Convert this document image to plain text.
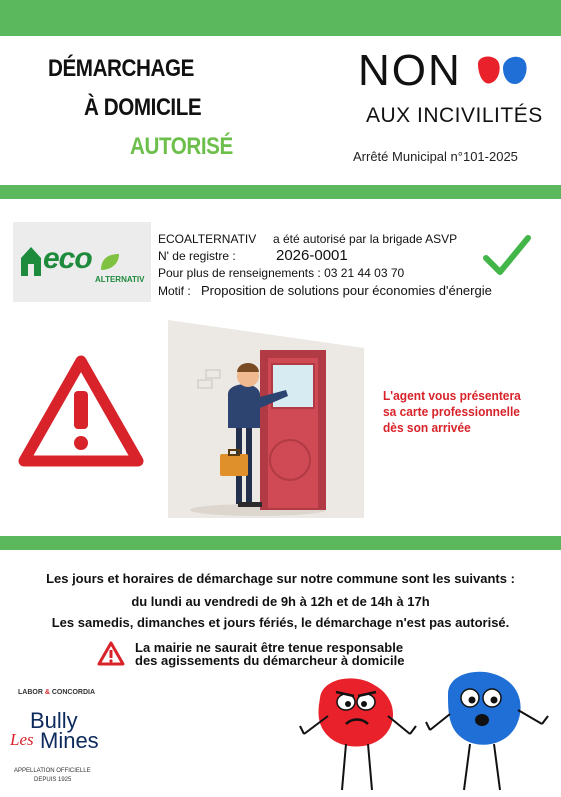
DÉMARCHAGE
À DOMICILE
AUTORISÉ
NON
AUX INCIVILITÉS
Arrêté Municipal n°101-2025
eco
ALTERNATIV
ECOALTERNATIV a été autorisé par la brigade ASVP
N' de registre :	2026-0001
Pour plus de renseignements : 03 21 44 03 70
Motif : Proposition de solutions pour économies d'énergie
L'agent vous présentera
sa carte professionnelle
dès son arrivée
Les jours et horaires de démarchage sur notre commune sont les suivants :
du lundi au vendredi de 9h à 12h et de 14h à 17h
Les samedis, dimanches et jours fériés, le démarchage n'est pas autorisé.
La mairie ne saurait être tenue responsable
des agissements du démarcheur à domicile
LABOR & CONCORDIA
Bully
Les Mines
APPELLATION OFFICIELLE
DEPUIS 1925
